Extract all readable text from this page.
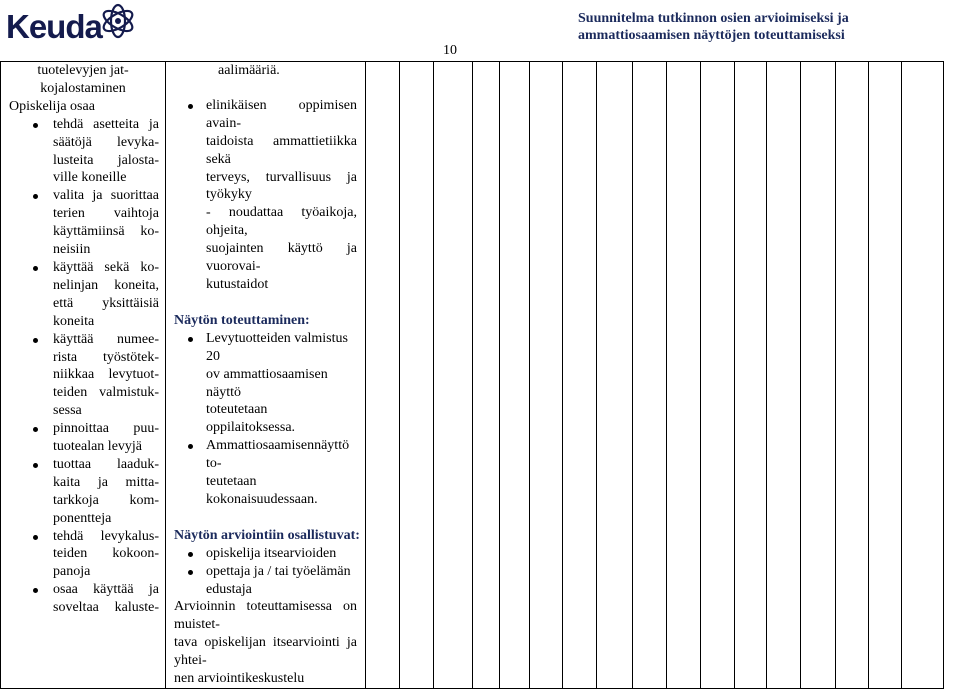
Keuda
10
Suunnitelma tutkinnon osien arvioimiseksi ja
ammattiosaamisen näyttöjen toteuttamiseksi
tuotelevyjen jat-
kojalostaminen
Opiskelija osaa
tehdä asetteita ja
säätöjä levyka-
lusteita jalosta-
ville koneille
valita ja suorittaa
terien vaihtoja
käyttämiinsä ko-
neisiin
käyttää sekä ko-
nelinjan koneita,
että yksittäisiä
koneita
käyttää numee-
rista työstötek-
niikkaa levytuot-
teiden valmistuk-
sessa
pinnoittaa puu-
tuotealan levyjä
tuottaa laaduk-
kaita ja mitta-
tarkkoja kom-
ponentteja
tehdä levykalus-
teiden kokoon-
panoja
osaa käyttää ja
soveltaa kaluste-

aalimääriä.
elinikäisen oppimisen avain-
taidoista ammattietiikka sekä
terveys, turvallisuus ja työkyky
- noudattaa työaikoja, ohjeita,
suojainten käyttö ja vuorovai-
kutustaidot
Näytön toteuttaminen:
Levytuotteiden valmistus 20
ov ammattiosaamisen näyttö
toteutetaan oppilaitoksessa.
Ammattiosaamisennäyttö to-
teutetaan kokonaisuudessaan.
Näytön arviointiin osallistuvat:
opiskelija itsearvioiden
opettaja ja / tai työelämän
edustaja
Arvioinnin toteuttamisessa on muistet-
tava opiskelijan itsearviointi ja yhtei-
nen arviointikeskustelu
